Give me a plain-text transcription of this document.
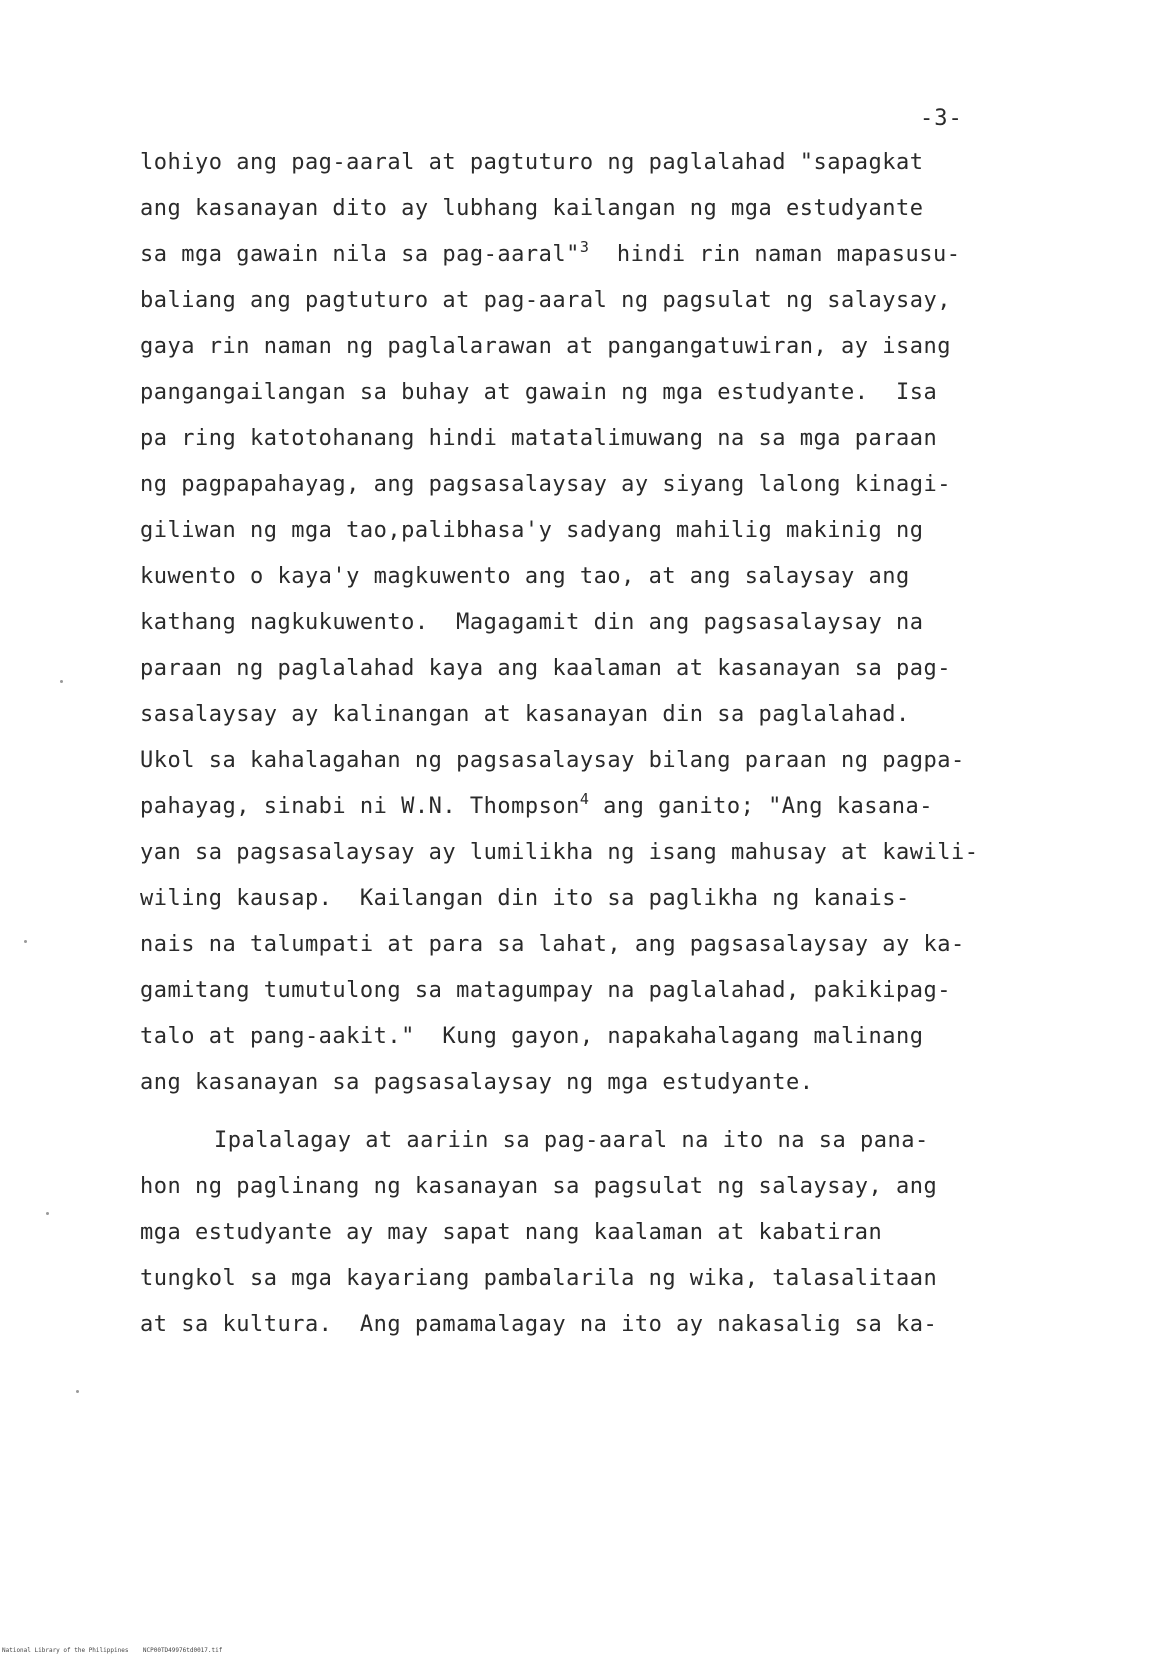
-3-
lohiyo ang pag-aaral at pagtuturo ng paglalahad "sapagkat
ang kasanayan dito ay lubhang kailangan ng mga estudyante
sa mga gawain nila sa pag-aaral"$^3$ hindi rin naman mapasusu-
baliang ang pagtuturo at pag-aaral ng pagsulat ng salaysay,
gaya rin naman ng paglalarawan at pangangatuwiran, ay isang
pangangailangan sa buhay at gawain ng mga estudyante.  Isa
pa ring katotohanang hindi matatalimuwang na sa mga paraan
ng pagpapahayag, ang pagsasalaysay ay siyang lalong kinagi-
giliwan ng mga tao,palibhasa'y sadyang mahilig makinig ng
kuwento o kaya'y magkuwento ang tao, at ang salaysay ang
kathang nagkukuwento.  Magagamit din ang pagsasalaysay na
paraan ng paglalahad kaya ang kaalaman at kasanayan sa pag-
sasalaysay ay kalinangan at kasanayan din sa paglalahad.
Ukol sa kahalagahan ng pagsasalaysay bilang paraan ng pagpa-
pahayag, sinabi ni W.N. Thompson$^4$ ang ganito; "Ang kasana-
yan sa pagsasalaysay ay lumilikha ng isang mahusay at kawili-
wiling kausap.  Kailangan din ito sa paglikha ng kanais-
nais na talumpati at para sa lahat, ang pagsasalaysay ay ka-
gamitang tumutulong sa matagumpay na paglalahad, pakikipag-
talo at pang-aakit."  Kung gayon, napakahalagang malinang
ang kasanayan sa pagsasalaysay ng mga estudyante.
Ipalalagay at aariin sa pag-aaral na ito na sa pana-
hon ng paglinang ng kasanayan sa pagsulat ng salaysay, ang
mga estudyante ay may sapat nang kaalaman at kabatiran
tungkol sa mga kayariang pambalarila ng wika, talasalitaan
at sa kultura.  Ang pamamalagay na ito ay nakasalig sa ka-
National Library of the Philippines    NCP00TD49976td0017.tif
